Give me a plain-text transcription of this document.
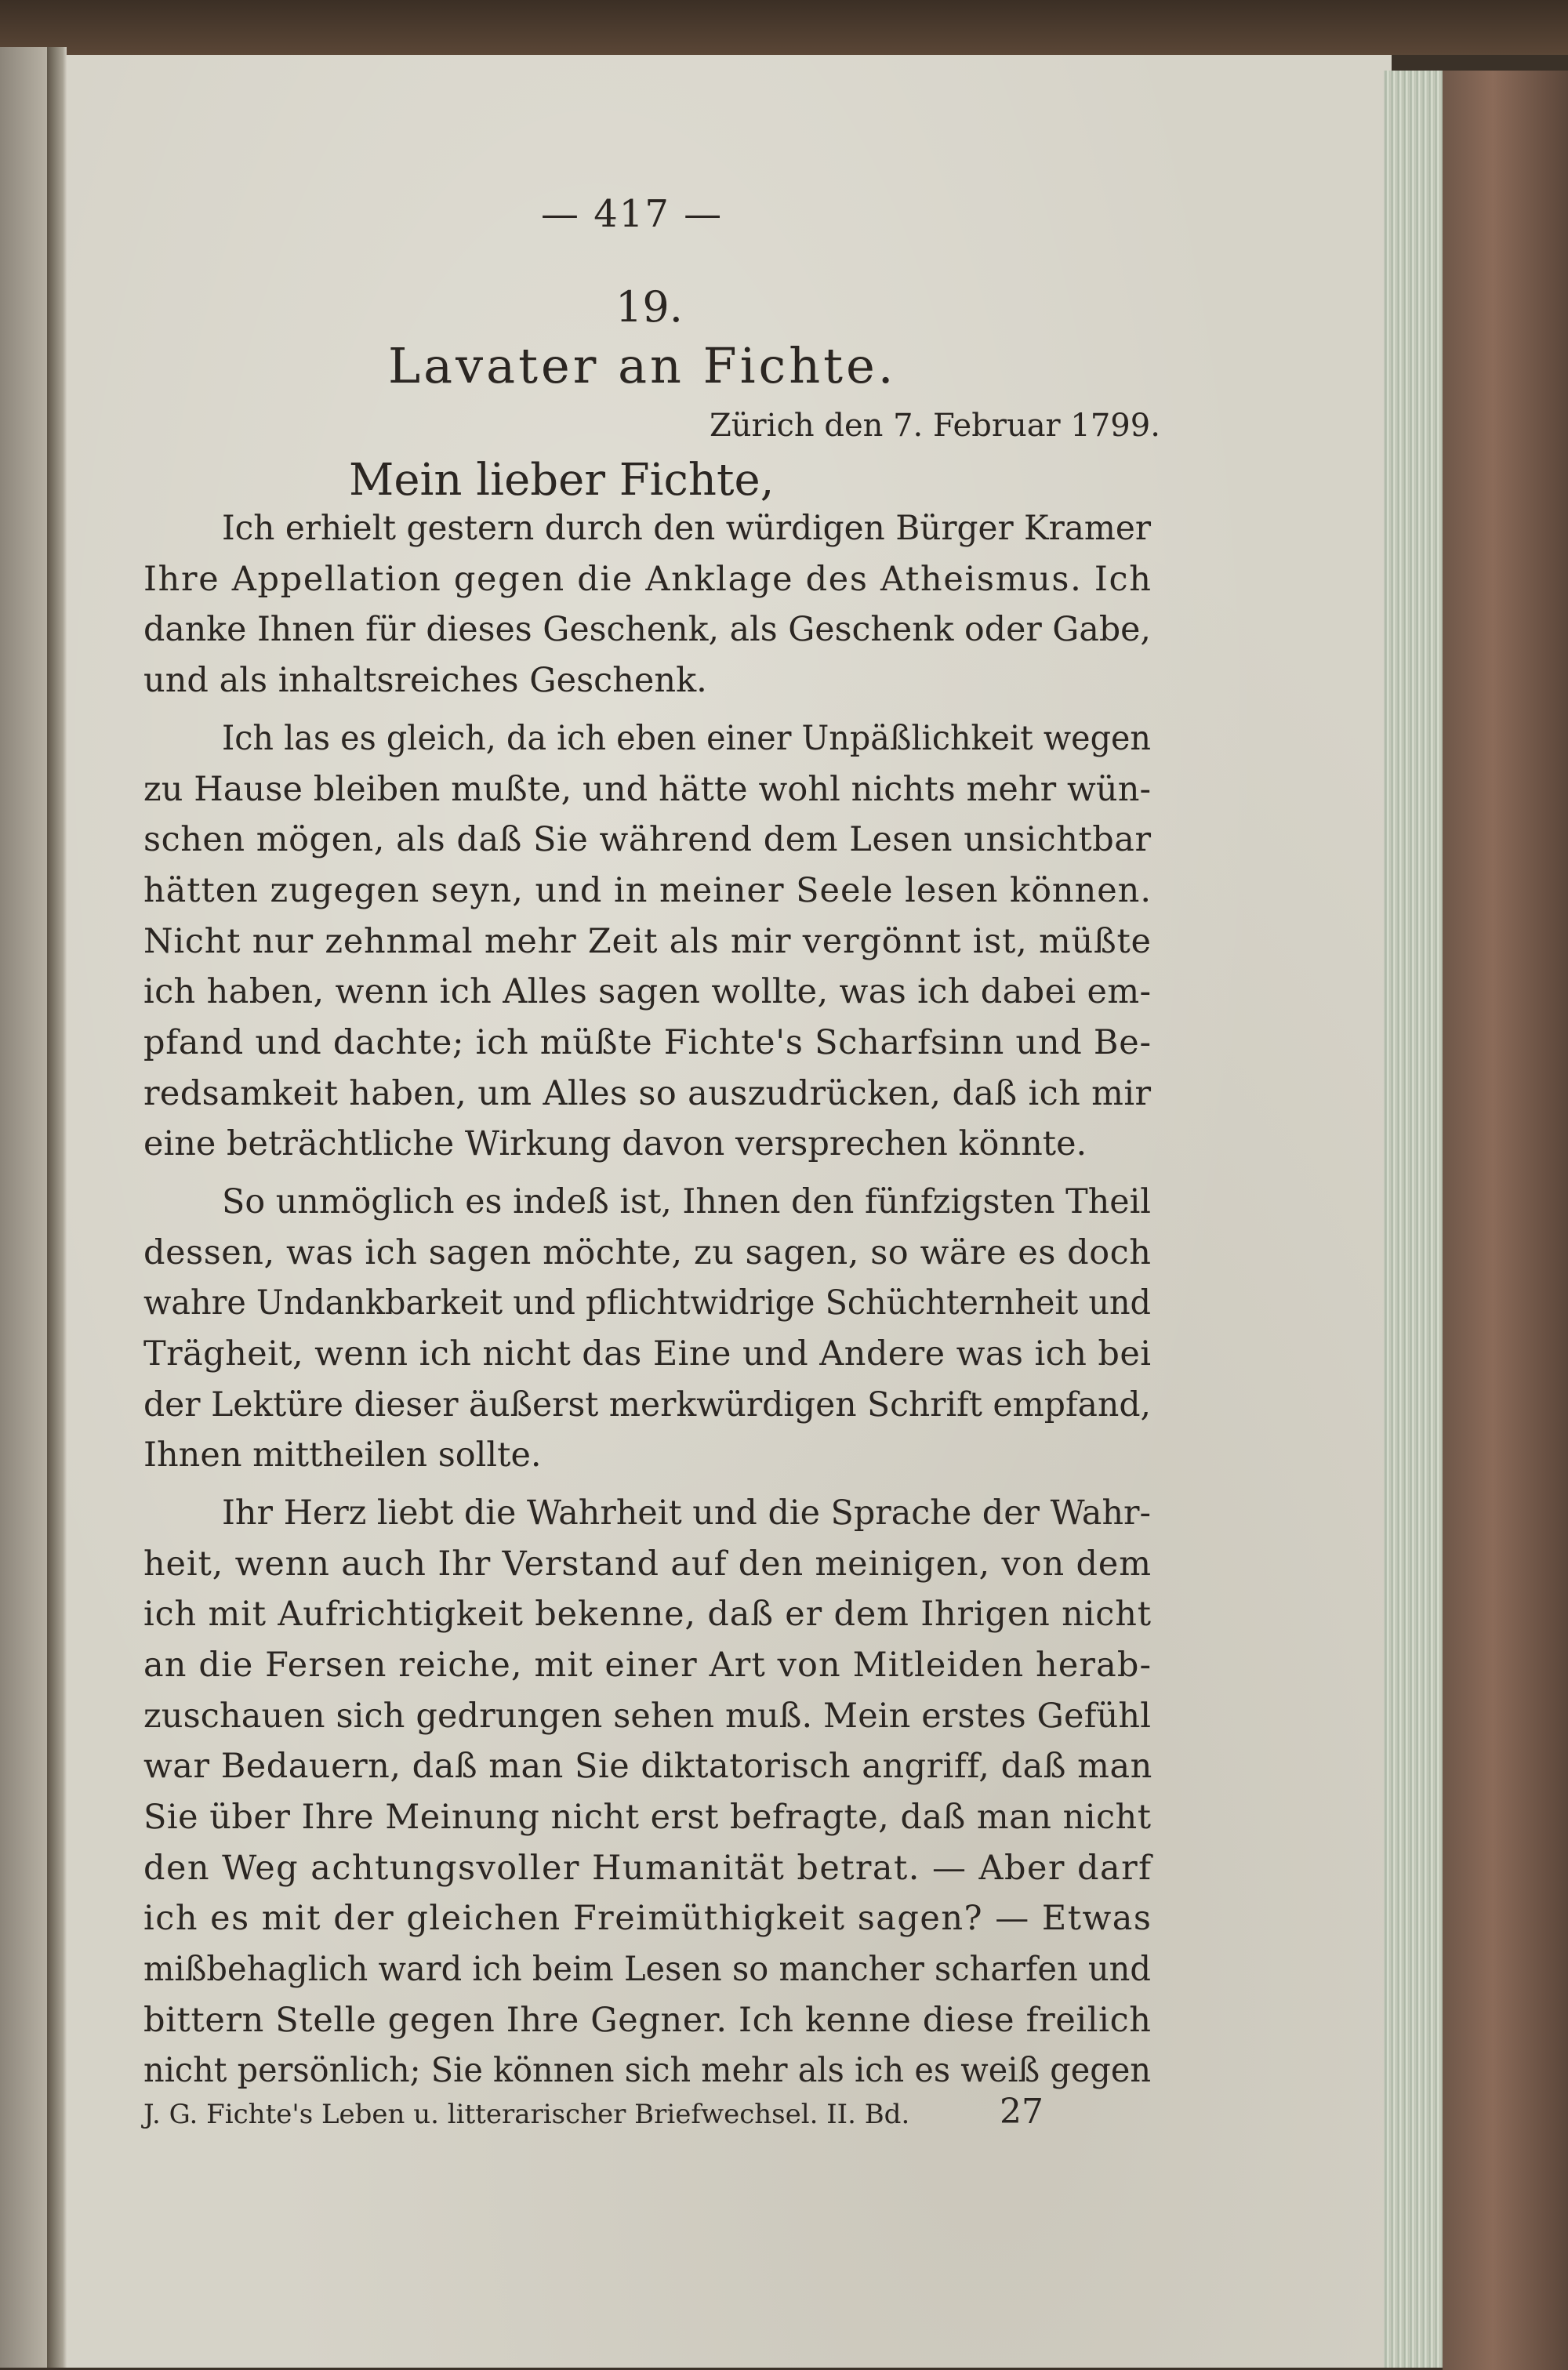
— 417 —
19.
Lavater an Fichte.
Zürich den 7. Februar 1799.
Mein lieber Fichte,
Ich erhielt gestern durch den würdigen Bürger Kramer
Ihre Appellation gegen die Anklage des Atheismus. Ich
danke Ihnen für dieses Geschenk, als Geschenk oder Gabe,
und als inhaltsreiches Geschenk.
Ich las es gleich, da ich eben einer Unpäßlichkeit wegen
zu Hause bleiben mußte, und hätte wohl nichts mehr wün-
schen mögen, als daß Sie während dem Lesen unsichtbar
hätten zugegen seyn, und in meiner Seele lesen können.
Nicht nur zehnmal mehr Zeit als mir vergönnt ist, müßte
ich haben, wenn ich Alles sagen wollte, was ich dabei em-
pfand und dachte; ich müßte Fichte's Scharfsinn und Be-
redsamkeit haben, um Alles so auszudrücken, daß ich mir
eine beträchtliche Wirkung davon versprechen könnte.
So unmöglich es indeß ist, Ihnen den fünfzigsten Theil
dessen, was ich sagen möchte, zu sagen, so wäre es doch
wahre Undankbarkeit und pflichtwidrige Schüchternheit und
Trägheit, wenn ich nicht das Eine und Andere was ich bei
der Lektüre dieser äußerst merkwürdigen Schrift empfand,
Ihnen mittheilen sollte.
Ihr Herz liebt die Wahrheit und die Sprache der Wahr-
heit, wenn auch Ihr Verstand auf den meinigen, von dem
ich mit Aufrichtigkeit bekenne, daß er dem Ihrigen nicht
an die Fersen reiche, mit einer Art von Mitleiden herab-
zuschauen sich gedrungen sehen muß. Mein erstes Gefühl
war Bedauern, daß man Sie diktatorisch angriff, daß man
Sie über Ihre Meinung nicht erst befragte, daß man nicht
den Weg achtungsvoller Humanität betrat. — Aber darf
ich es mit der gleichen Freimüthigkeit sagen? — Etwas
mißbehaglich ward ich beim Lesen so mancher scharfen und
bittern Stelle gegen Ihre Gegner. Ich kenne diese freilich
nicht persönlich; Sie können sich mehr als ich es weiß gegen
J. G. Fichte's Leben u. litterarischer Briefwechsel. II. Bd.	27
